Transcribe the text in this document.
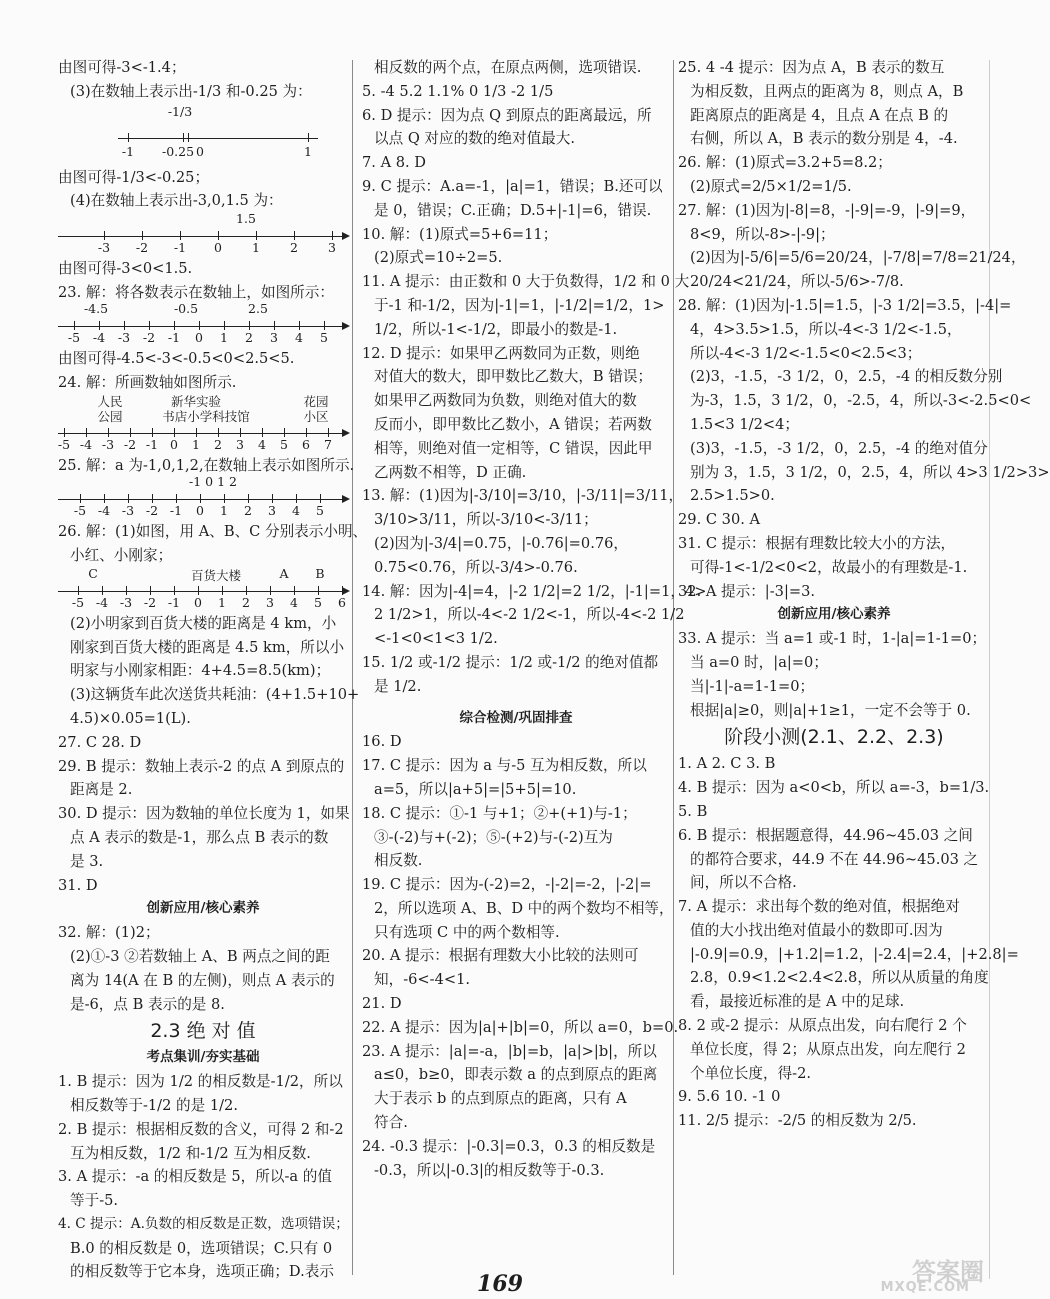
由图可得-3<-1.4；
(3)在数轴上表示出-1/3 和-0.25 为：
-1/3
-1 -0.25 0	1
由图可得-1/3<-0.25；
(4)在数轴上表示出-3,0,1.5 为：
1.5
-3 -2 -1 0 1 2 3
由图可得-3<0<1.5.
23. 解：将各数表示在数轴上，如图所示：
-4.5	-0.5	2.5
-5 -4 -3 -2 -1 0 1 2 3 4 5
由图可得-4.5<-3<-0.5<0<2.5<5.
24. 解：所画数轴如图所示.
人民
公园
新华实验
书店小学科技馆
花园
小区
-5 -4 -3 -2 -1 0 1 2 3 4 5 6 7
25. 解：a 为-1,0,1,2,在数轴上表示如图所示.
-1 0 1 2
-5 -4 -3 -2 -1 0 1 2 3 4 5
26. 解：(1)如图，用 A、B、C 分别表示小明、
小红、小刚家；
C	百货大楼	A B
-5 -4 -3 -2 -1 0 1 2 3 4 5 6
(2)小明家到百货大楼的距离是 4 km，小
刚家到百货大楼的距离是 4.5 km，所以小
明家与小刚家相距：4+4.5=8.5(km)；
(3)这辆货车此次送货共耗油：(4+1.5+10+
4.5)×0.05=1(L).
27. C 28. D
29. B 提示：数轴上表示-2 的点 A 到原点的
距离是 2.
30. D 提示：因为数轴的单位长度为 1，如果
点 A 表示的数是-1，那么点 B 表示的数
是 3.
31. D
创新应用/核心素养
32. 解：(1)2；
(2)①-3 ②若数轴上 A、B 两点之间的距
离为 14(A 在 B 的左侧)，则点 A 表示的
是-6，点 B 表示的是 8.
2.3 绝 对 值
考点集训/夯实基础
1. B 提示：因为 1/2 的相反数是-1/2，所以
相反数等于-1/2 的是 1/2.
2. B 提示：根据相反数的含义，可得 2 和-2
互为相反数，1/2 和-1/2 互为相反数.
3. A 提示：-a 的相反数是 5，所以-a 的值
等于-5.
4. C 提示：A.负数的相反数是正数，选项错误；
B.0 的相反数是 0，选项错误；C.只有 0
的相反数等于它本身，选项正确；D.表示
相反数的两个点，在原点两侧，选项错误.
5. -4 5.2 1.1% 0 1/3 -2 1/5
6. D 提示：因为点 Q 到原点的距离最远，所
以点 Q 对应的数的绝对值最大.
7. A 8. D
9. C 提示：A.a=-1，|a|=1，错误；B.还可以
是 0，错误；C.正确；D.5+|-1|=6，错误.
10. 解：(1)原式=5+6=11；
(2)原式=10÷2=5.
11. A 提示：由正数和 0 大于负数得，1/2 和 0 大
于-1 和-1/2，因为|-1|=1，|-1/2|=1/2，1>
1/2，所以-1<-1/2，即最小的数是-1.
12. D 提示：如果甲乙两数同为正数，则绝
对值大的数大，即甲数比乙数大，B 错误；
如果甲乙两数同为负数，则绝对值大的数
反而小，即甲数比乙数小，A 错误；若两数
相等，则绝对值一定相等，C 错误，因此甲
乙两数不相等，D 正确.
13. 解：(1)因为|-3/10|=3/10，|-3/11|=3/11，
3/10>3/11，所以-3/10<-3/11；
(2)因为|-3/4|=0.75，|-0.76|=0.76，
0.75<0.76，所以-3/4>-0.76.
14. 解：因为|-4|=4，|-2 1/2|=2 1/2，|-1|=1，4>
2 1/2>1，所以-4<-2 1/2<-1，所以-4<-2 1/2
<-1<0<1<3 1/2.
15. 1/2 或-1/2 提示：1/2 或-1/2 的绝对值都
是 1/2.
综合检测/巩固排查
16. D
17. C 提示：因为 a 与-5 互为相反数，所以
a=5，所以|a+5|=|5+5|=10.
18. C 提示：①-1 与+1；②+(+1)与-1；
③-(-2)与+(-2)；⑤-(+2)与-(-2)互为
相反数.
19. C 提示：因为-(-2)=2，-|-2|=-2，|-2|=
2，所以选项 A、B、D 中的两个数均不相等，
只有选项 C 中的两个数相等.
20. A 提示：根据有理数大小比较的法则可
知，-6<-4<1.
21. D
22. A 提示：因为|a|+|b|=0，所以 a=0，b=0.
23. A 提示：|a|=-a，|b|=b，|a|>|b|，所以
a≤0，b≥0，即表示数 a 的点到原点的距离
大于表示 b 的点到原点的距离，只有 A
符合.
24. -0.3 提示：|-0.3|=0.3，0.3 的相反数是
-0.3，所以|-0.3|的相反数等于-0.3.
25. 4 -4 提示：因为点 A，B 表示的数互
为相反数，且两点的距离为 8，则点 A，B
距离原点的距离是 4，且点 A 在点 B 的
右侧，所以 A，B 表示的数分别是 4，-4.
26. 解：(1)原式=3.2+5=8.2；
(2)原式=2/5×1/2=1/5.
27. 解：(1)因为|-8|=8，-|-9|=-9，|-9|=9，
8<9，所以-8>-|-9|；
(2)因为|-5/6|=5/6=20/24，|-7/8|=7/8=21/24，
20/24<21/24，所以-5/6>-7/8.
28. 解：(1)因为|-1.5|=1.5，|-3 1/2|=3.5，|-4|=
4，4>3.5>1.5，所以-4<-3 1/2<-1.5，
所以-4<-3 1/2<-1.5<0<2.5<3；
(2)3，-1.5，-3 1/2，0，2.5，-4 的相反数分别
为-3，1.5，3 1/2，0，-2.5，4，所以-3<-2.5<0<
1.5<3 1/2<4；
(3)3，-1.5，-3 1/2，0，2.5，-4 的绝对值分
别为 3，1.5，3 1/2，0，2.5，4，所以 4>3 1/2>3>
2.5>1.5>0.
29. C 30. A
31. C 提示：根据有理数比较大小的方法，
可得-1<-1/2<0<2，故最小的有理数是-1.
32. A 提示：|-3|=3.
创新应用/核心素养
33. A 提示：当 a=1 或-1 时，1-|a|=1-1=0；
当 a=0 时，|a|=0；
当|-1|-a=1-1=0；
根据|a|≥0，则|a|+1≥1，一定不会等于 0.
阶段小测(2.1、2.2、2.3)
1. A 2. C 3. B
4. B 提示：因为 a<0<b，所以 a=-3，b=1/3.
5. B
6. B 提示：根据题意得，44.96~45.03 之间
的都符合要求，44.9 不在 44.96~45.03 之
间，所以不合格.
7. A 提示：求出每个数的绝对值，根据绝对
值的大小找出绝对值最小的数即可.因为
|-0.9|=0.9，|+1.2|=1.2，|-2.4|=2.4，|+2.8|=
2.8，0.9<1.2<2.4<2.8，所以从质量的角度
看，最接近标准的是 A 中的足球.
8. 2 或-2 提示：从原点出发，向右爬行 2 个
单位长度，得 2；从原点出发，向左爬行 2
个单位长度，得-2.
9. 5.6 10. -1 0
11. 2/5 提示：-2/5 的相反数为 2/5.
169	答案圈
MXQE.COM
